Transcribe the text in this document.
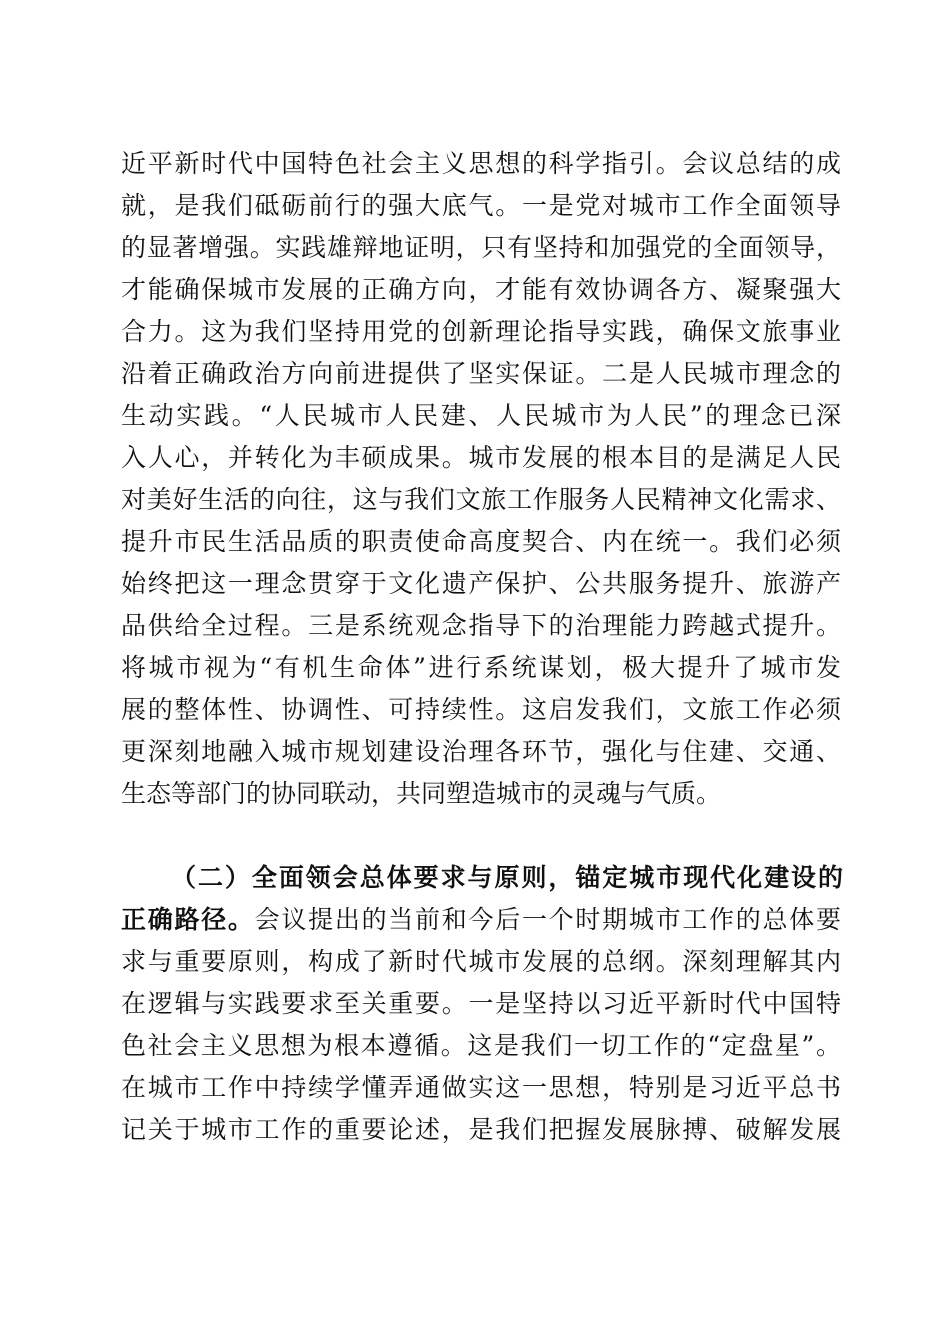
近平新时代中国特色社会主义思想的科学指引。会议总结的成
就，是我们砥砺前行的强大底气。一是党对城市工作全面领导
的显著增强。实践雄辩地证明，只有坚持和加强党的全面领导，
才能确保城市发展的正确方向，才能有效协调各方、凝聚强大
合力。这为我们坚持用党的创新理论指导实践，确保文旅事业
沿着正确政治方向前进提供了坚实保证。二是人民城市理念的
生动实践。“人民城市人民建、人民城市为人民”的理念已深
入人心，并转化为丰硕成果。城市发展的根本目的是满足人民
对美好生活的向往，这与我们文旅工作服务人民精神文化需求、
提升市民生活品质的职责使命高度契合、内在统一。我们必须
始终把这一理念贯穿于文化遗产保护、公共服务提升、旅游产
品供给全过程。三是系统观念指导下的治理能力跨越式提升。
将城市视为“有机生命体”进行系统谋划，极大提升了城市发
展的整体性、协调性、可持续性。这启发我们，文旅工作必须
更深刻地融入城市规划建设治理各环节，强化与住建、交通、
生态等部门的协同联动，共同塑造城市的灵魂与气质。
（二）全面领会总体要求与原则，锚定城市现代化建设的
正确路径。会议提出的当前和今后一个时期城市工作的总体要
求与重要原则，构成了新时代城市发展的总纲。深刻理解其内
在逻辑与实践要求至关重要。一是坚持以习近平新时代中国特
色社会主义思想为根本遵循。这是我们一切工作的“定盘星”。
在城市工作中持续学懂弄通做实这一思想，特别是习近平总书
记关于城市工作的重要论述，是我们把握发展脉搏、破解发展
